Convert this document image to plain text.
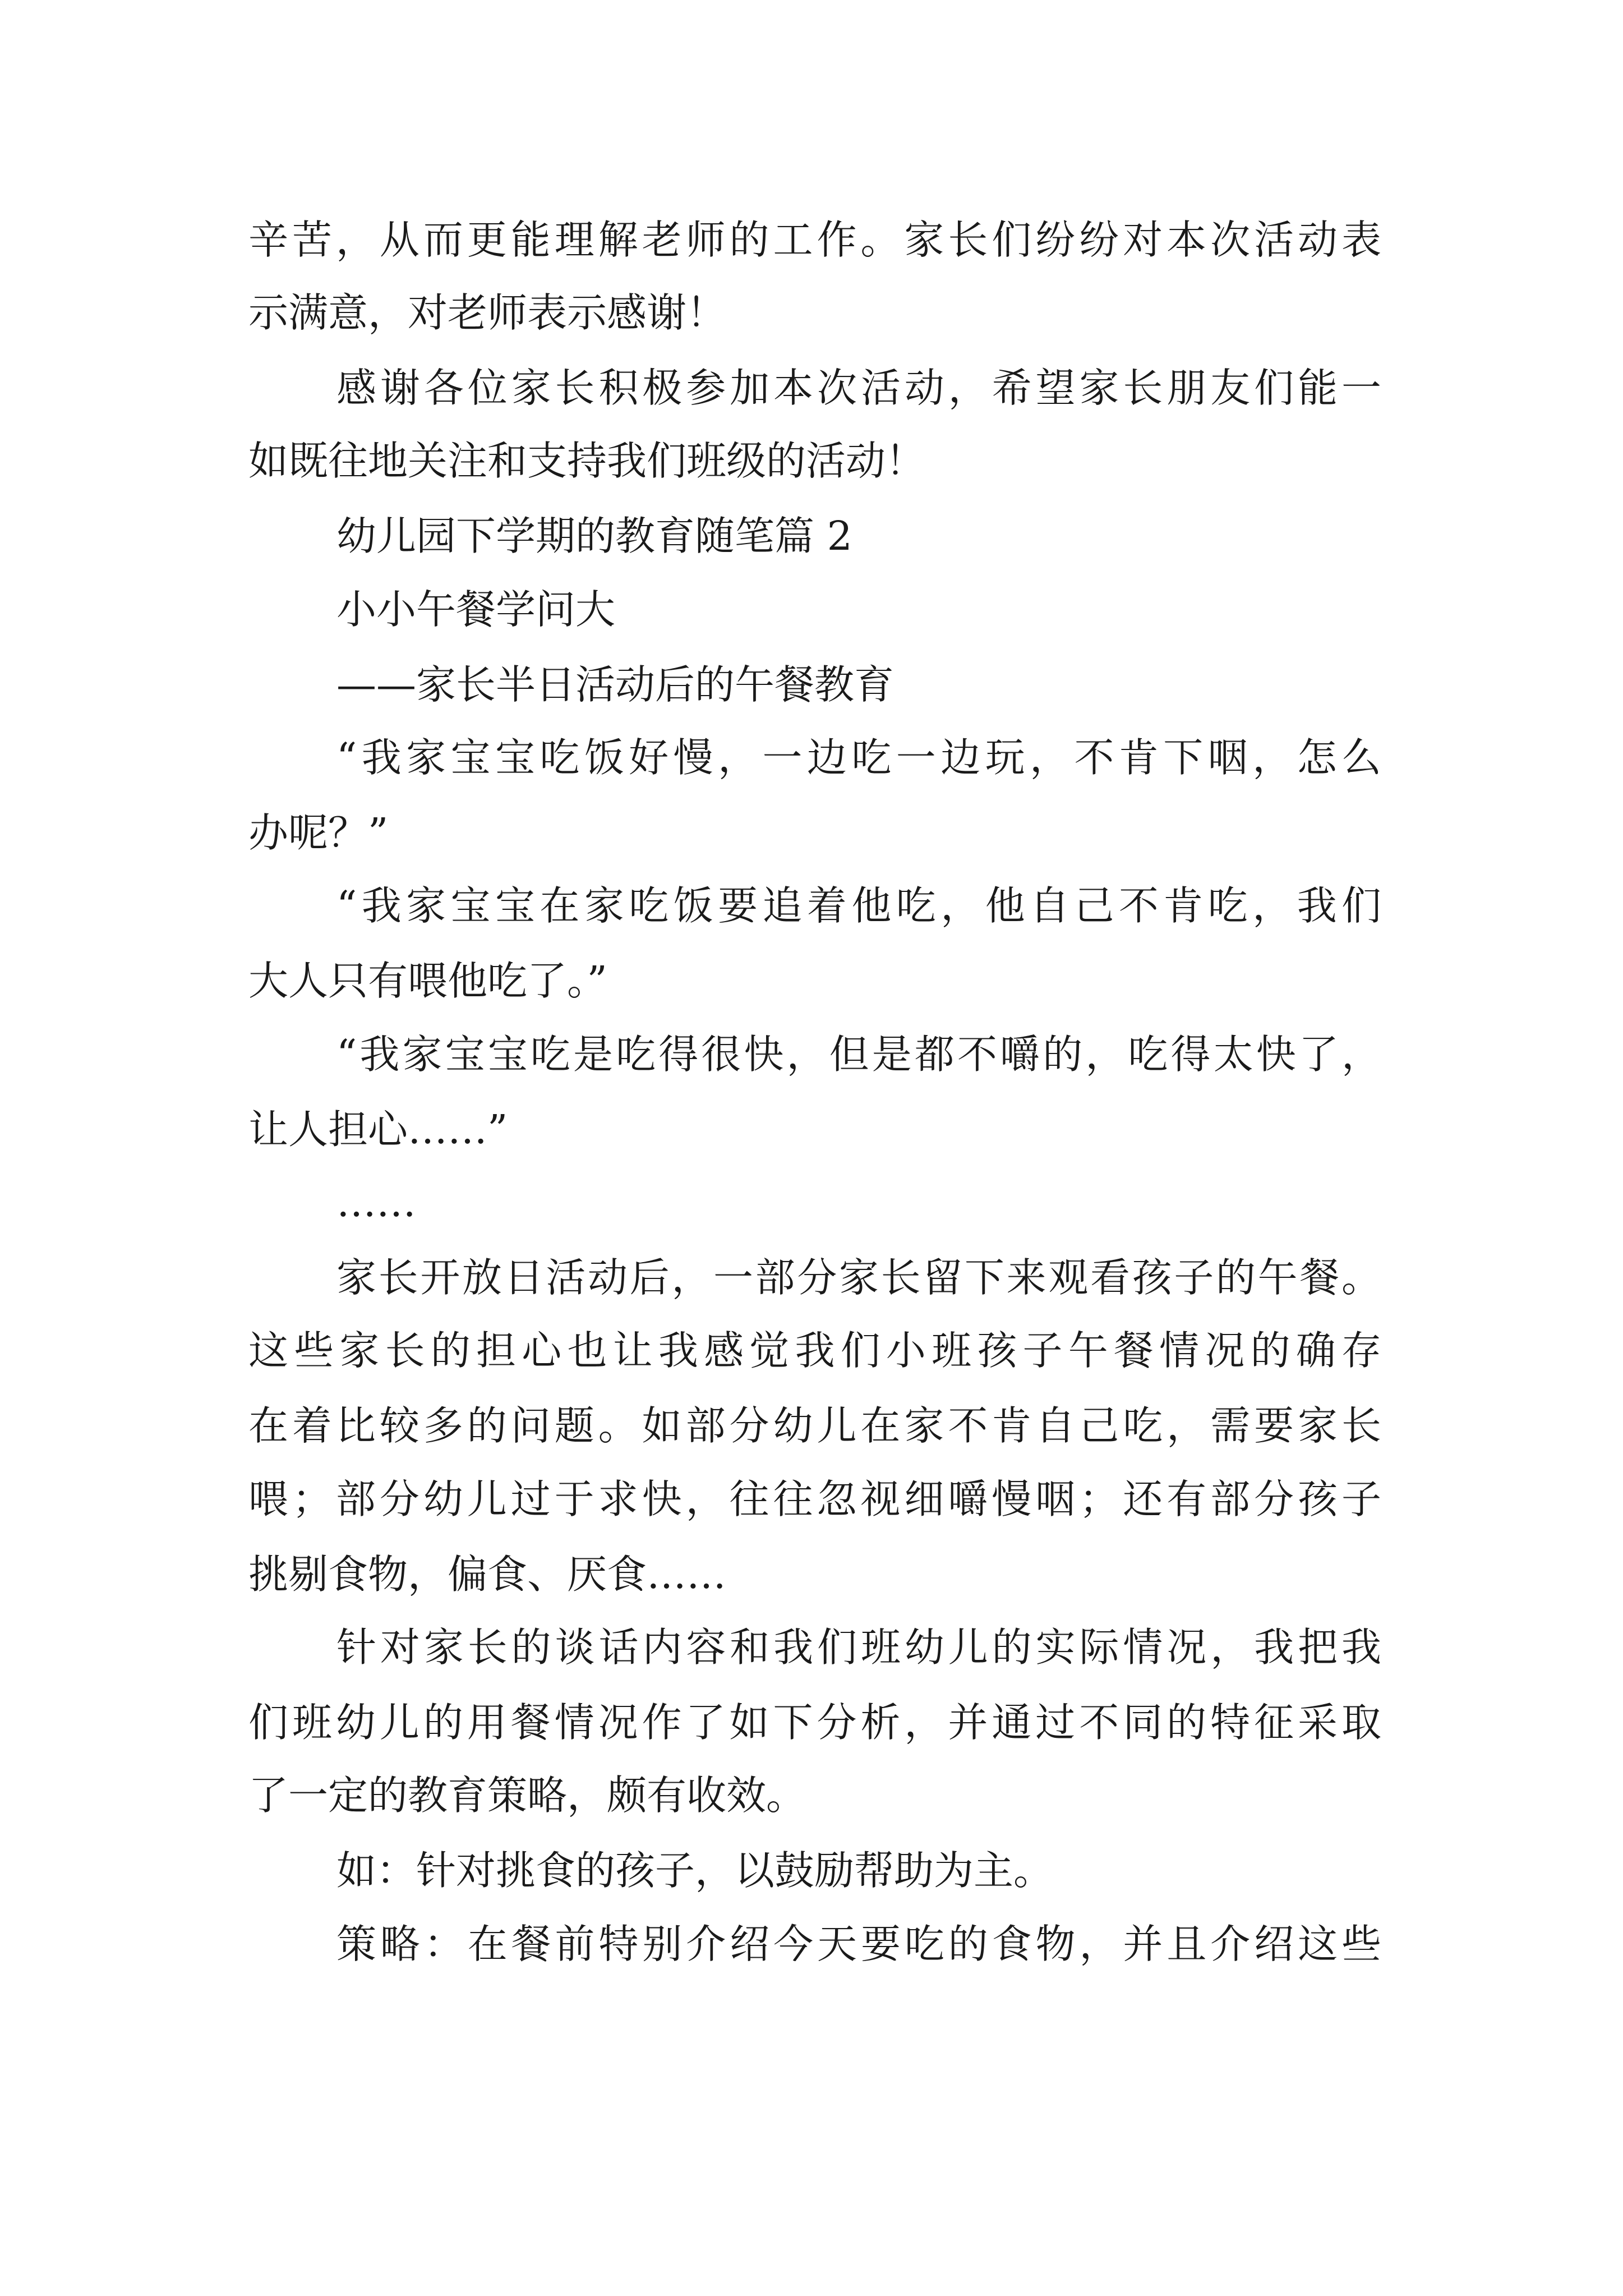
辛苦，从而更能理解老师的工作。家长们纷纷对本次活动表
示满意，对老师表示感谢！
感谢各位家长积极参加本次活动，希望家长朋友们能一
如既往地关注和支持我们班级的活动！
幼儿园下学期的教育随笔篇 2
小小午餐学问大
——家长半日活动后的午餐教育
“我家宝宝吃饭好慢，一边吃一边玩，不肯下咽，怎么
办呢？”
“我家宝宝在家吃饭要追着他吃，他自己不肯吃，我们
大人只有喂他吃了。”
“我家宝宝吃是吃得很快，但是都不嚼的，吃得太快了，
让人担心……”
……
家长开放日活动后，一部分家长留下来观看孩子的午餐。
这些家长的担心也让我感觉我们小班孩子午餐情况的确存
在着比较多的问题。如部分幼儿在家不肯自己吃，需要家长
喂；部分幼儿过于求快，往往忽视细嚼慢咽；还有部分孩子
挑剔食物，偏食、厌食……
针对家长的谈话内容和我们班幼儿的实际情况，我把我
们班幼儿的用餐情况作了如下分析，并通过不同的特征采取
了一定的教育策略，颇有收效。
如：针对挑食的孩子，以鼓励帮助为主。
策略：在餐前特别介绍今天要吃的食物，并且介绍这些
